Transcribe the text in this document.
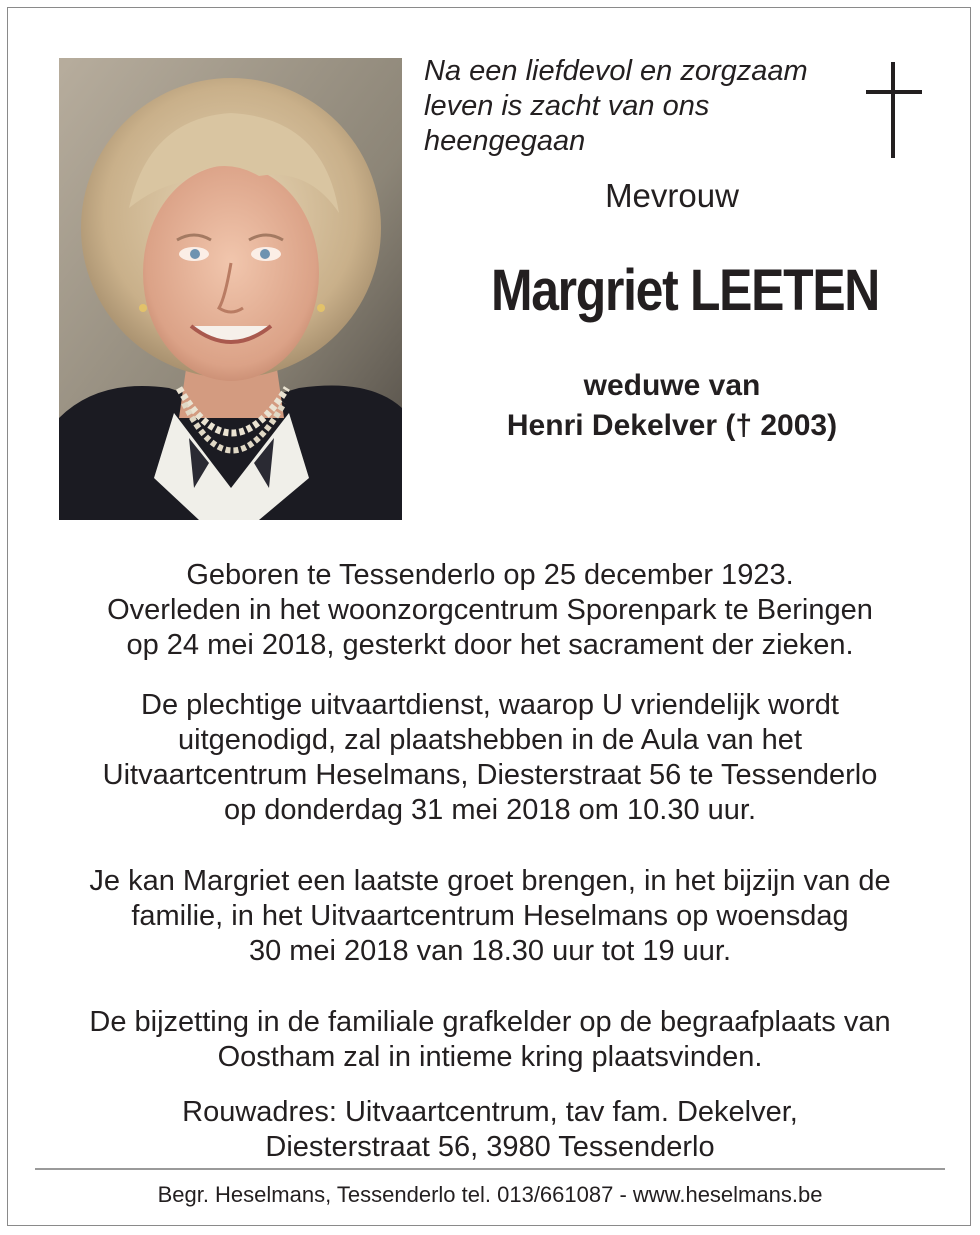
Na een liefdevol en zorgzaam
leven is zacht van ons
heengegaan
Mevrouw
Margriet LEETEN
weduwe van
Henri Dekelver († 2003)
Geboren te Tessenderlo op 25 december 1923.
Overleden in het woonzorgcentrum Sporenpark te Beringen
op 24 mei 2018, gesterkt door het sacrament der zieken.
De plechtige uitvaartdienst, waarop U vriendelijk wordt
uitgenodigd, zal plaatshebben in de Aula van het
Uitvaartcentrum Heselmans, Diesterstraat 56 te Tessenderlo
op donderdag 31 mei 2018 om 10.30 uur.
Je kan Margriet een laatste groet brengen, in het bijzijn van de
familie, in het Uitvaartcentrum Heselmans op woensdag
30 mei 2018 van 18.30 uur tot 19 uur.
De bijzetting in de familiale grafkelder op de begraafplaats van
Oostham zal in intieme kring plaatsvinden.
Rouwadres: Uitvaartcentrum, tav fam. Dekelver,
Diesterstraat 56, 3980 Tessenderlo
Begr. Heselmans, Tessenderlo tel. 013/661087 - www.heselmans.be
